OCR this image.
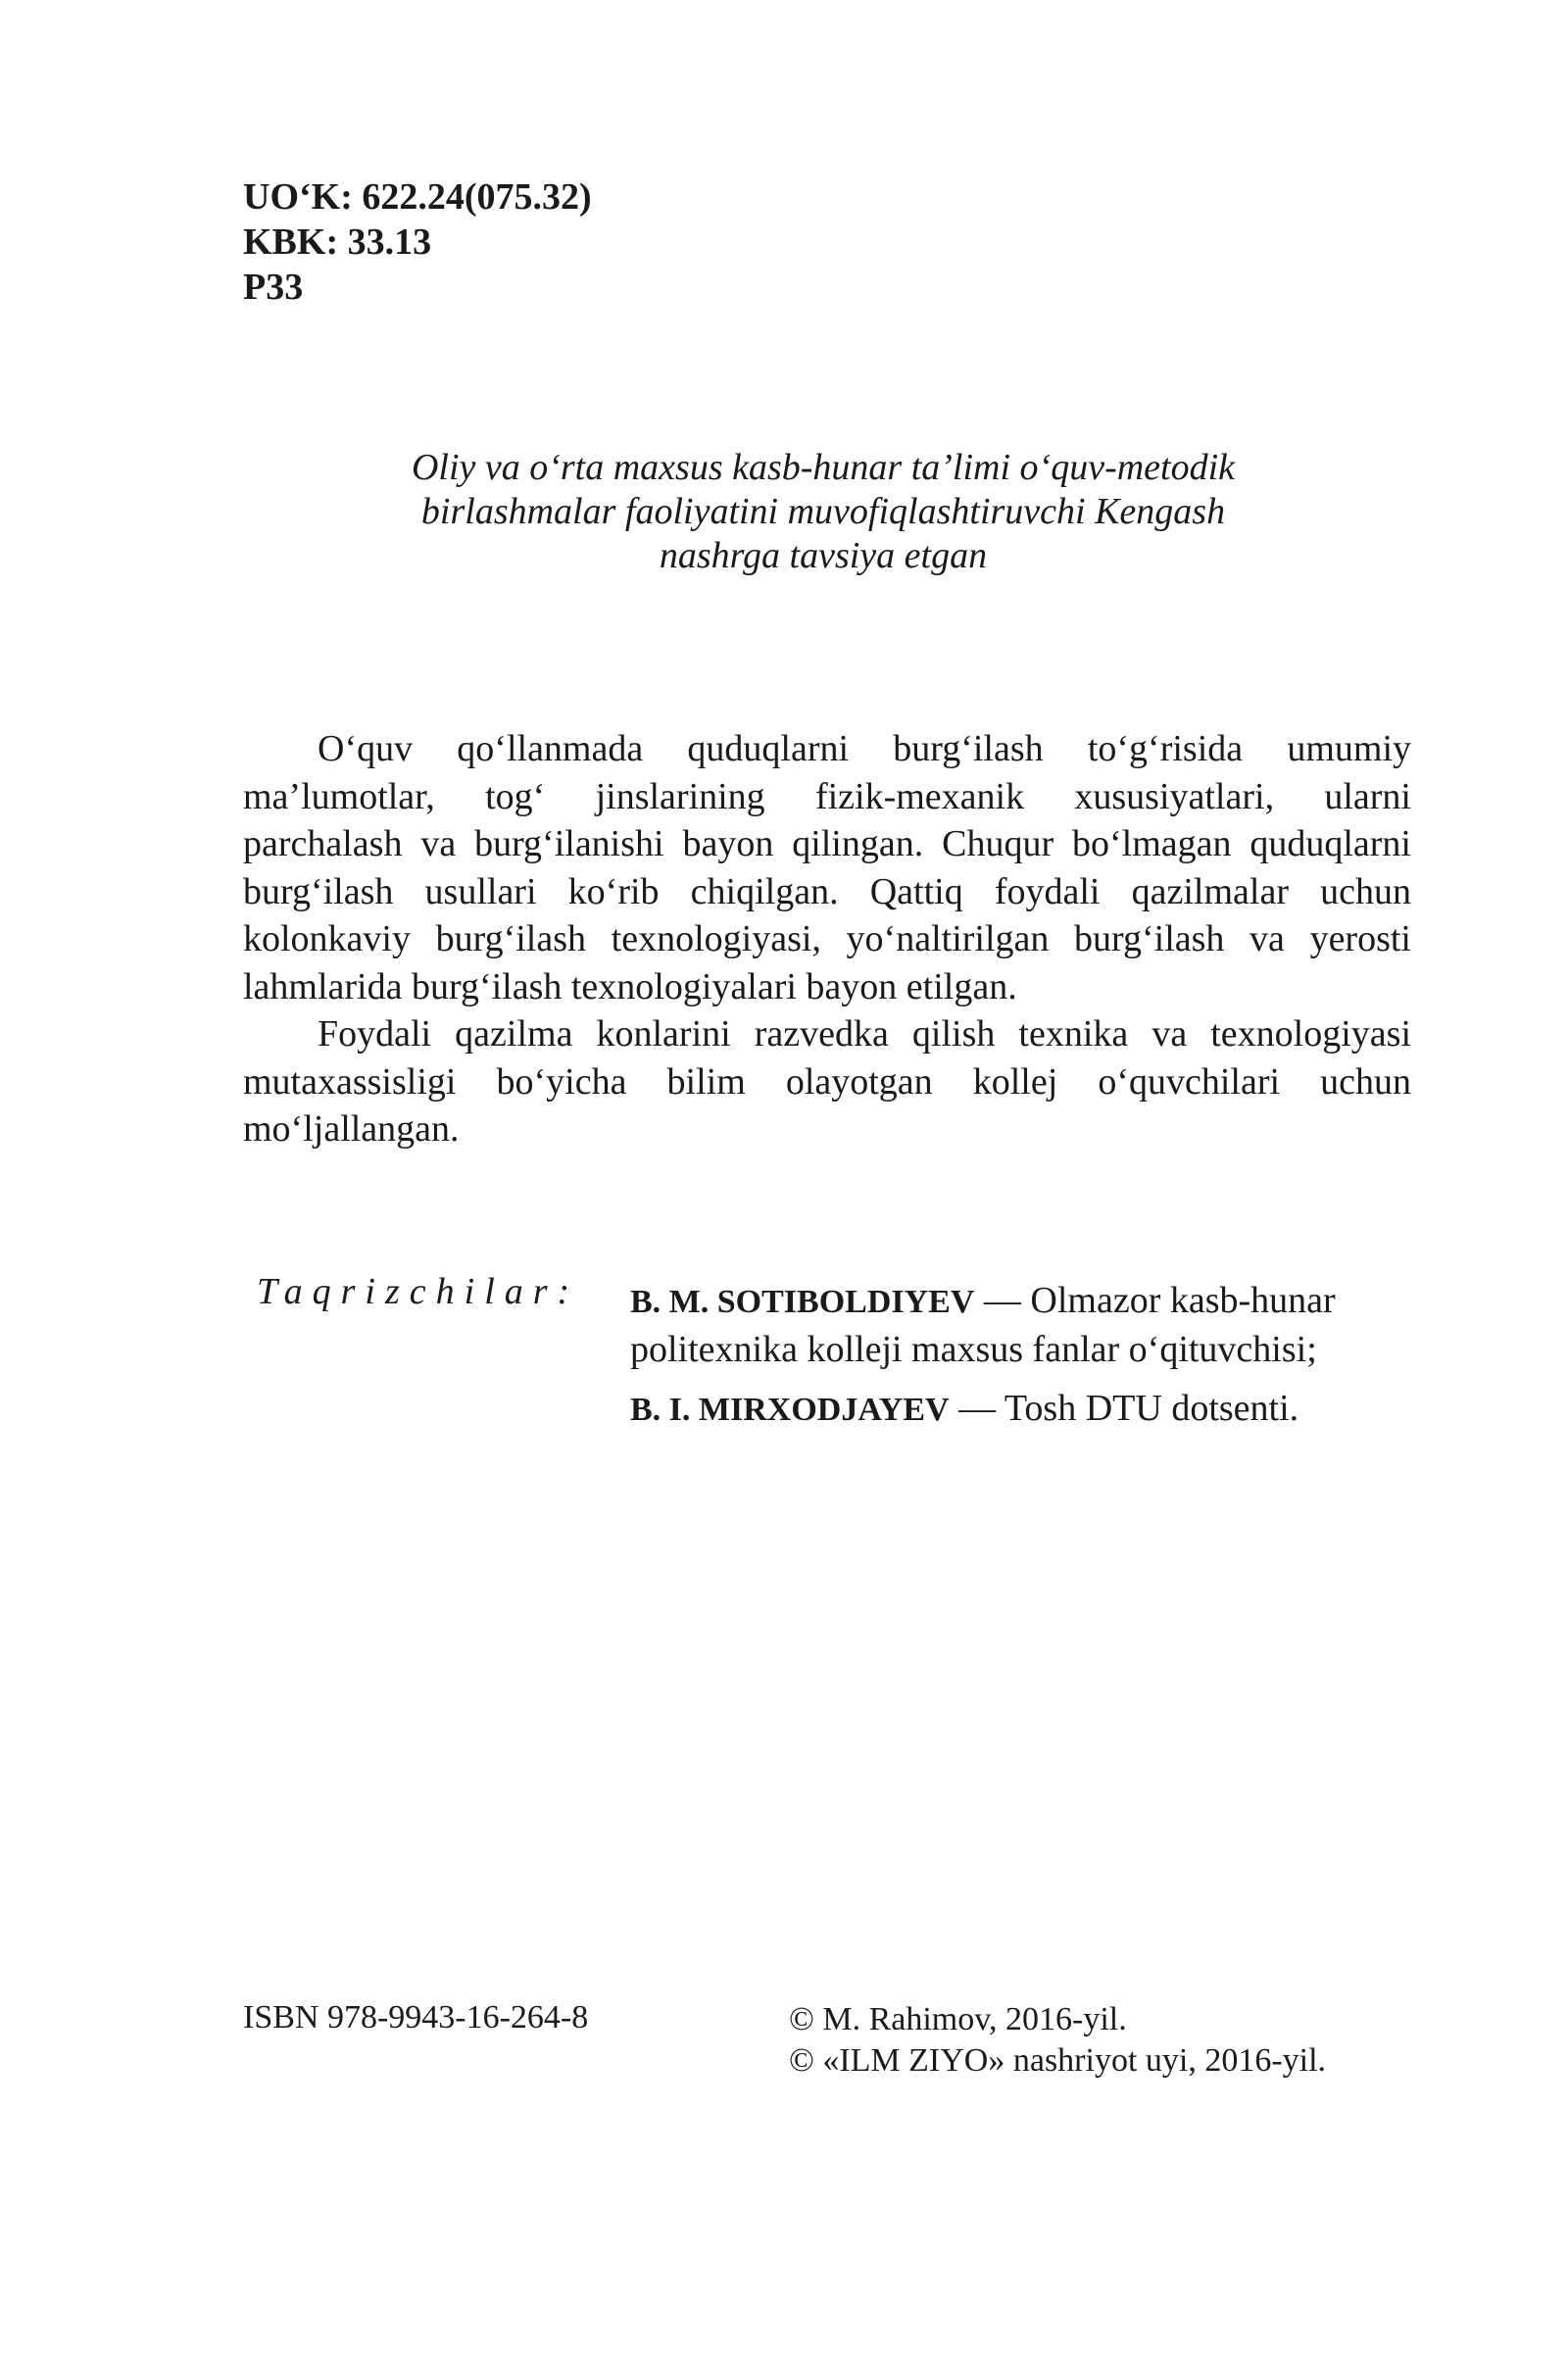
UO‘K: 622.24(075.32)
KBK: 33.13
P33
Oliy va o‘rta maxsus kasb-hunar ta’limi o‘quv-metodik
birlashmalar faoliyatini muvofiqlashtiruvchi Kengash
nashrga tavsiya etgan
O‘quv qo‘llanmada quduqlarni burg‘ilash to‘g‘risida umumiy
ma’lumotlar, tog‘ jinslarining fizik-mexanik xususiyatlari, ularni
parchalash va burg‘ilanishi bayon qilingan. Chuqur bo‘lmagan quduqlarni
burg‘ilash usullari ko‘rib chiqilgan. Qattiq foydali qazilmalar uchun
kolonkaviy burg‘ilash texnologiyasi, yo‘naltirilgan burg‘ilash va yerosti
lahmlarida burg‘ilash texnologiyalari bayon etilgan.
Foydali qazilma konlarini razvedka qilish texnika va texnologiyasi
mutaxassisligi bo‘yicha bilim olayotgan kollej o‘quvchilari uchun
mo‘ljallangan.
Taqrizchilar: B. M. SOTIBOLDIYEV — Olmazor kasb-hunar
politexnika kolleji maxsus fanlar o‘qituvchisi;
B. I. MIRXODJAYEV — Tosh DTU dotsenti.
ISBN 978-9943-16-264-8	© M. Rahimov, 2016-yil.
© «ILM ZIYO» nashriyot uyi, 2016-yil.
